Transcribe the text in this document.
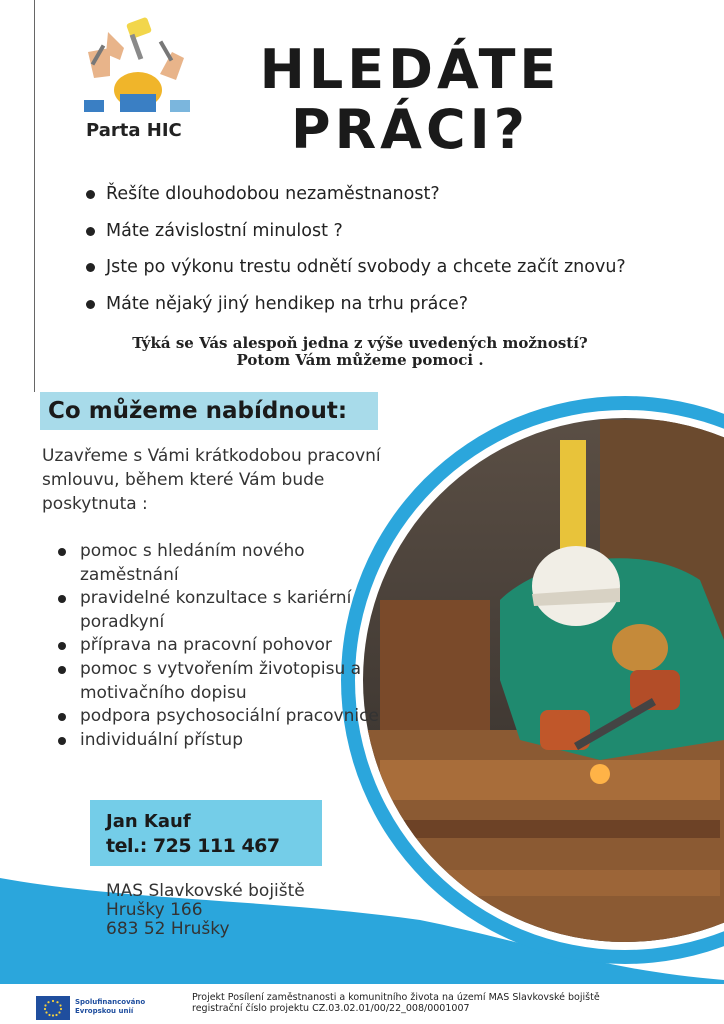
Parta HIC
HLEDÁTE
PRÁCI?
Řešíte dlouhodobou nezaměstnanost?
Máte závislostní minulost ?
Jste po výkonu trestu odnětí svobody a chcete začít znovu?
Máte nějaký jiný hendikep na trhu práce?
Týká se Vás alespoň jedna z výše uvedených možností?
Potom Vám můžeme pomoci .
Co můžeme nabídnout:
Uzavřeme s Vámi krátkodobou pracovní smlouvu, během které Vám bude poskytnuta :
pomoc s hledáním nového zaměstnání
pravidelné konzultace s kariérní poradkyní
příprava na pracovní pohovor
pomoc s vytvořením životopisu a motivačního dopisu
podpora psychosociální pracovnice
individuální přístup
Jan Kauf
tel.: 725 111 467
MAS Slavkovské bojiště
Hrušky 166
683 52 Hrušky
Spolufinancováno
Evropskou unií
Projekt Posílení zaměstnanosti a komunitního života na území MAS Slavkovské bojiště
registrační číslo projektu CZ.03.02.01/00/22_008/0001007
